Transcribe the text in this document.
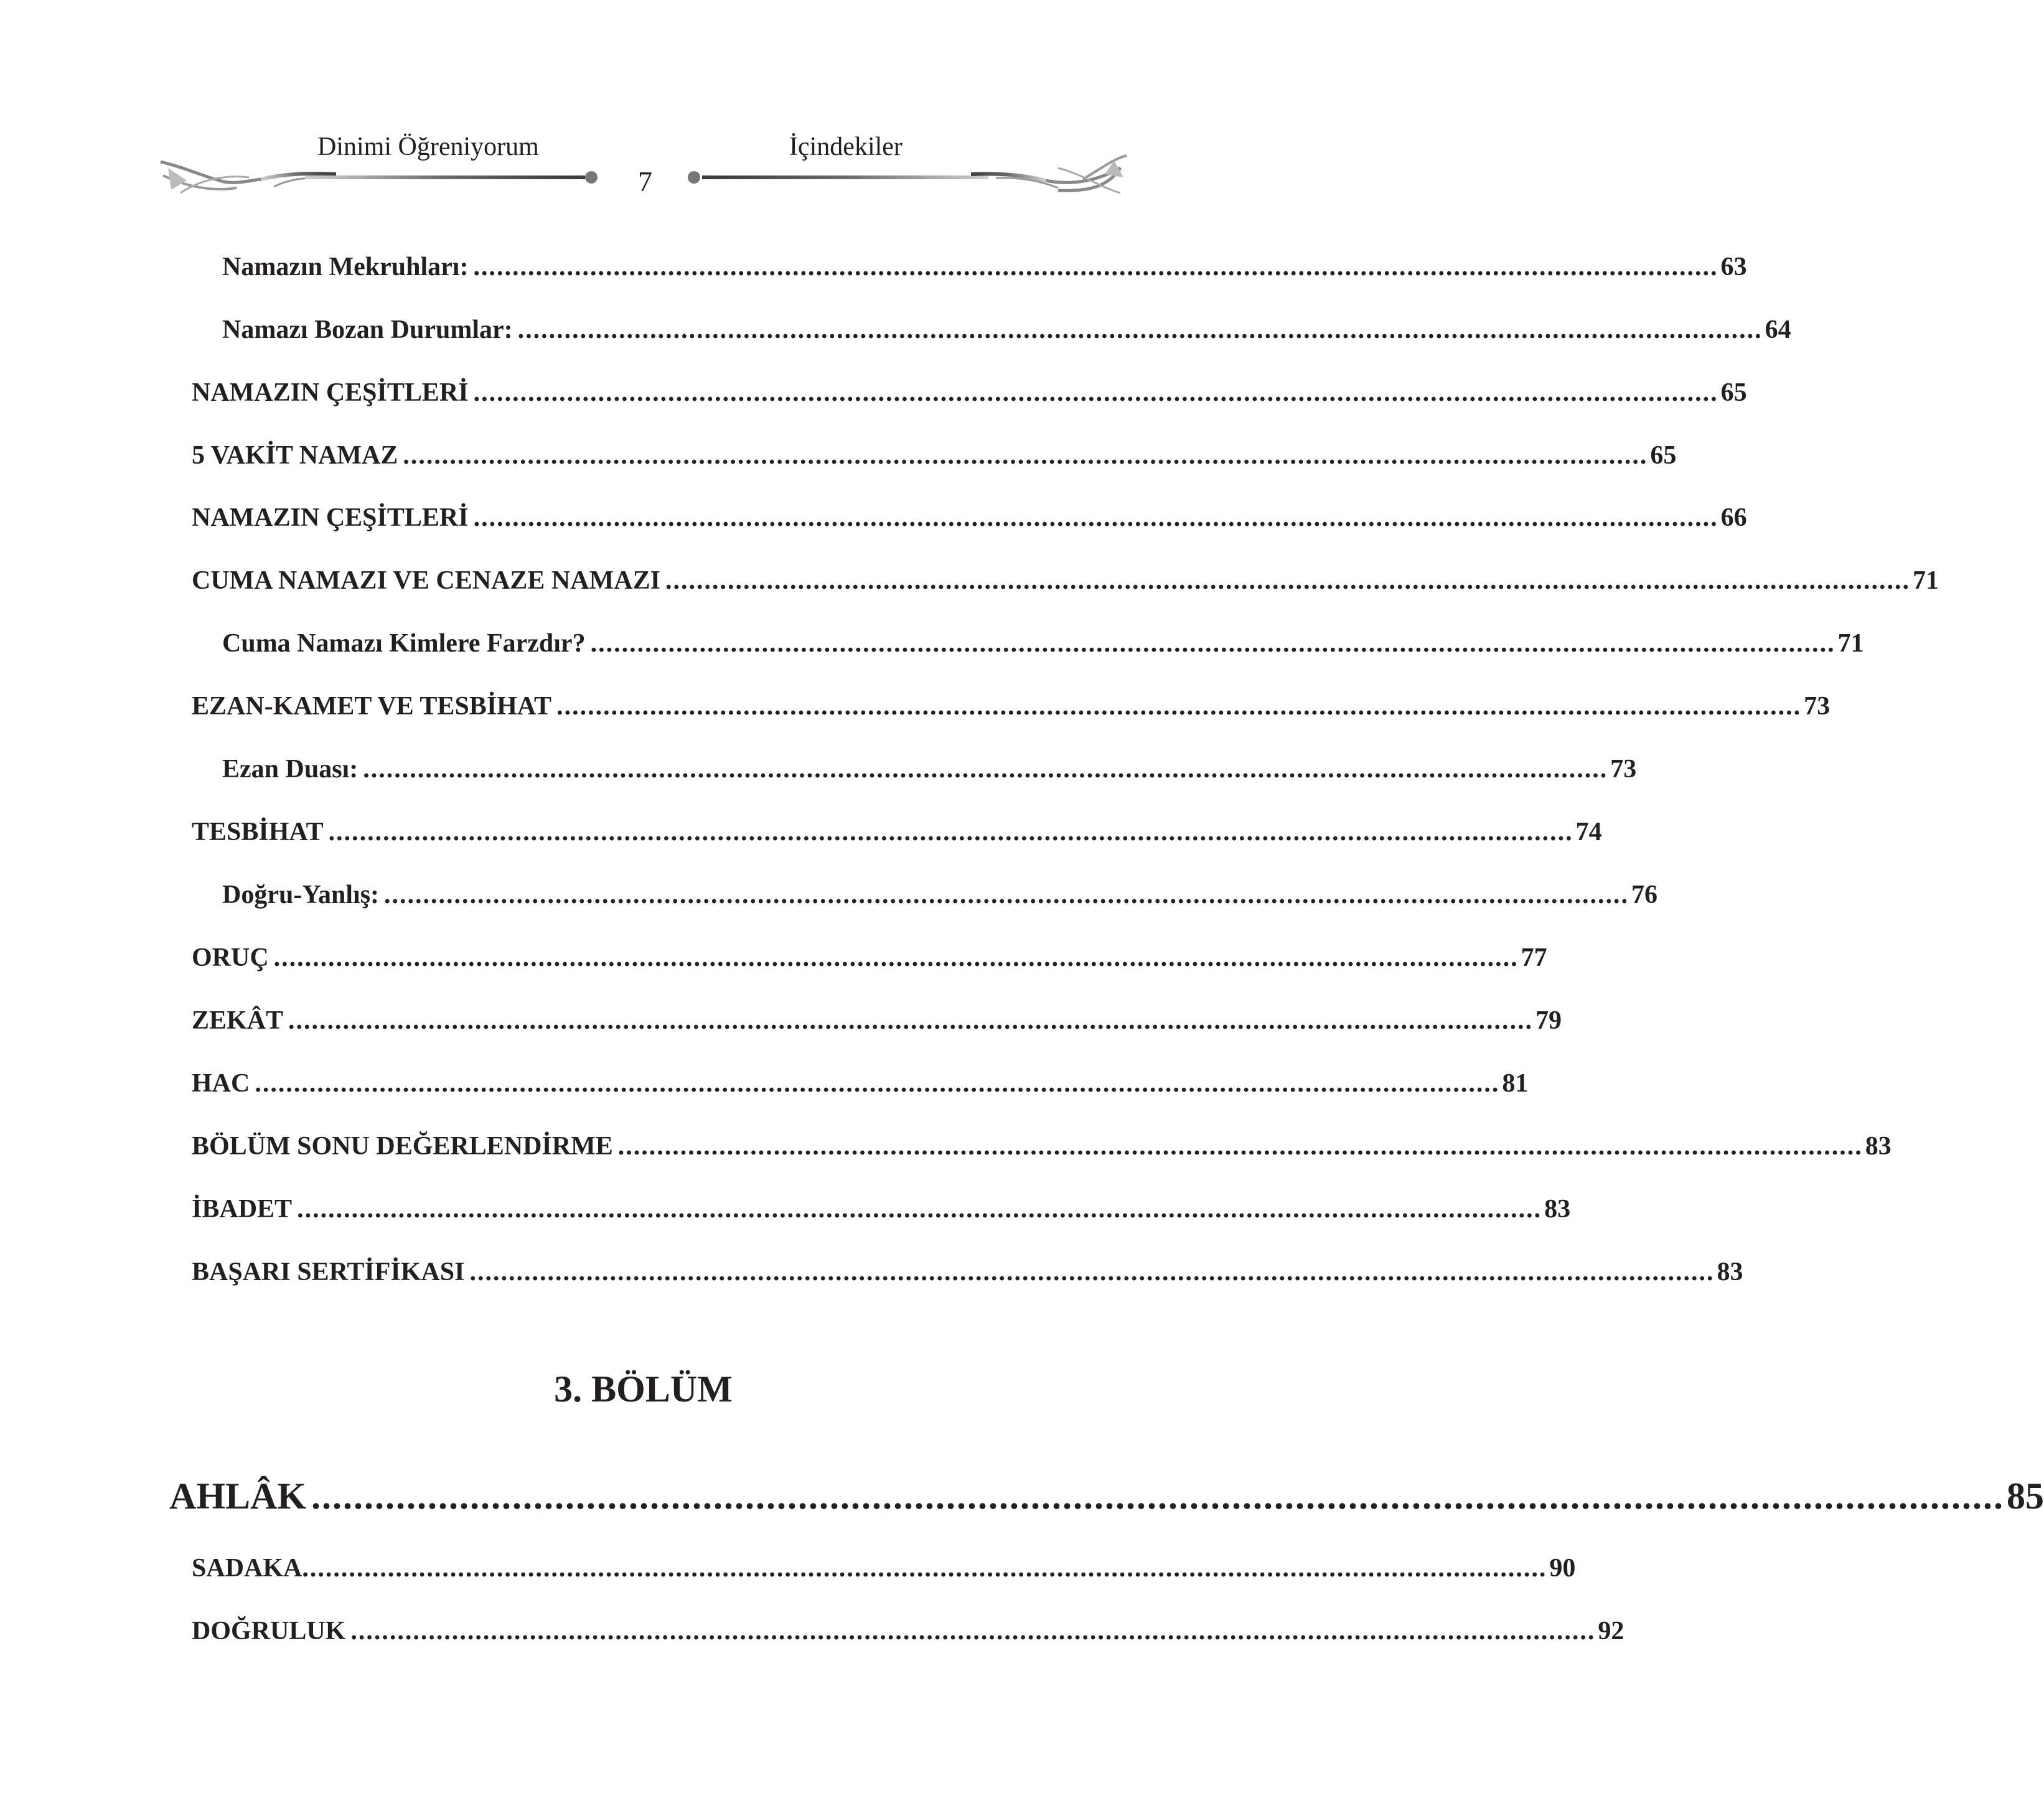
Dinimi Öğreniyorum	İçindekiler
7
Namazın Mekruhları: ................................................................................................................................................................ 63
Namazı Bozan Durumlar: ................................................................................................................................................................ 64
NAMAZIN ÇEŞİTLERİ ................................................................................................................................................................ 65
5 VAKİT NAMAZ ................................................................................................................................................................ 65
NAMAZIN ÇEŞİTLERİ ................................................................................................................................................................ 66
CUMA NAMAZI VE CENAZE NAMAZI ................................................................................................................................................................ 71
Cuma Namazı Kimlere Farzdır? ................................................................................................................................................................ 71
EZAN-KAMET VE TESBİHAT ................................................................................................................................................................ 73
Ezan Duası: ................................................................................................................................................................ 73
TESBİHAT ................................................................................................................................................................ 74
Doğru-Yanlış: ................................................................................................................................................................ 76
ORUÇ ................................................................................................................................................................ 77
ZEKÂT ................................................................................................................................................................ 79
HAC ................................................................................................................................................................ 81
BÖLÜM SONU DEĞERLENDİRME ................................................................................................................................................................ 83
İBADET ................................................................................................................................................................ 83
BAŞARI SERTİFİKASI ................................................................................................................................................................ 83
3. BÖLÜM
AHLÂK ................................................................................................................................................................ 85
SADAKA ................................................................................................................................................................ 90
DOĞRULUK ................................................................................................................................................................ 92
